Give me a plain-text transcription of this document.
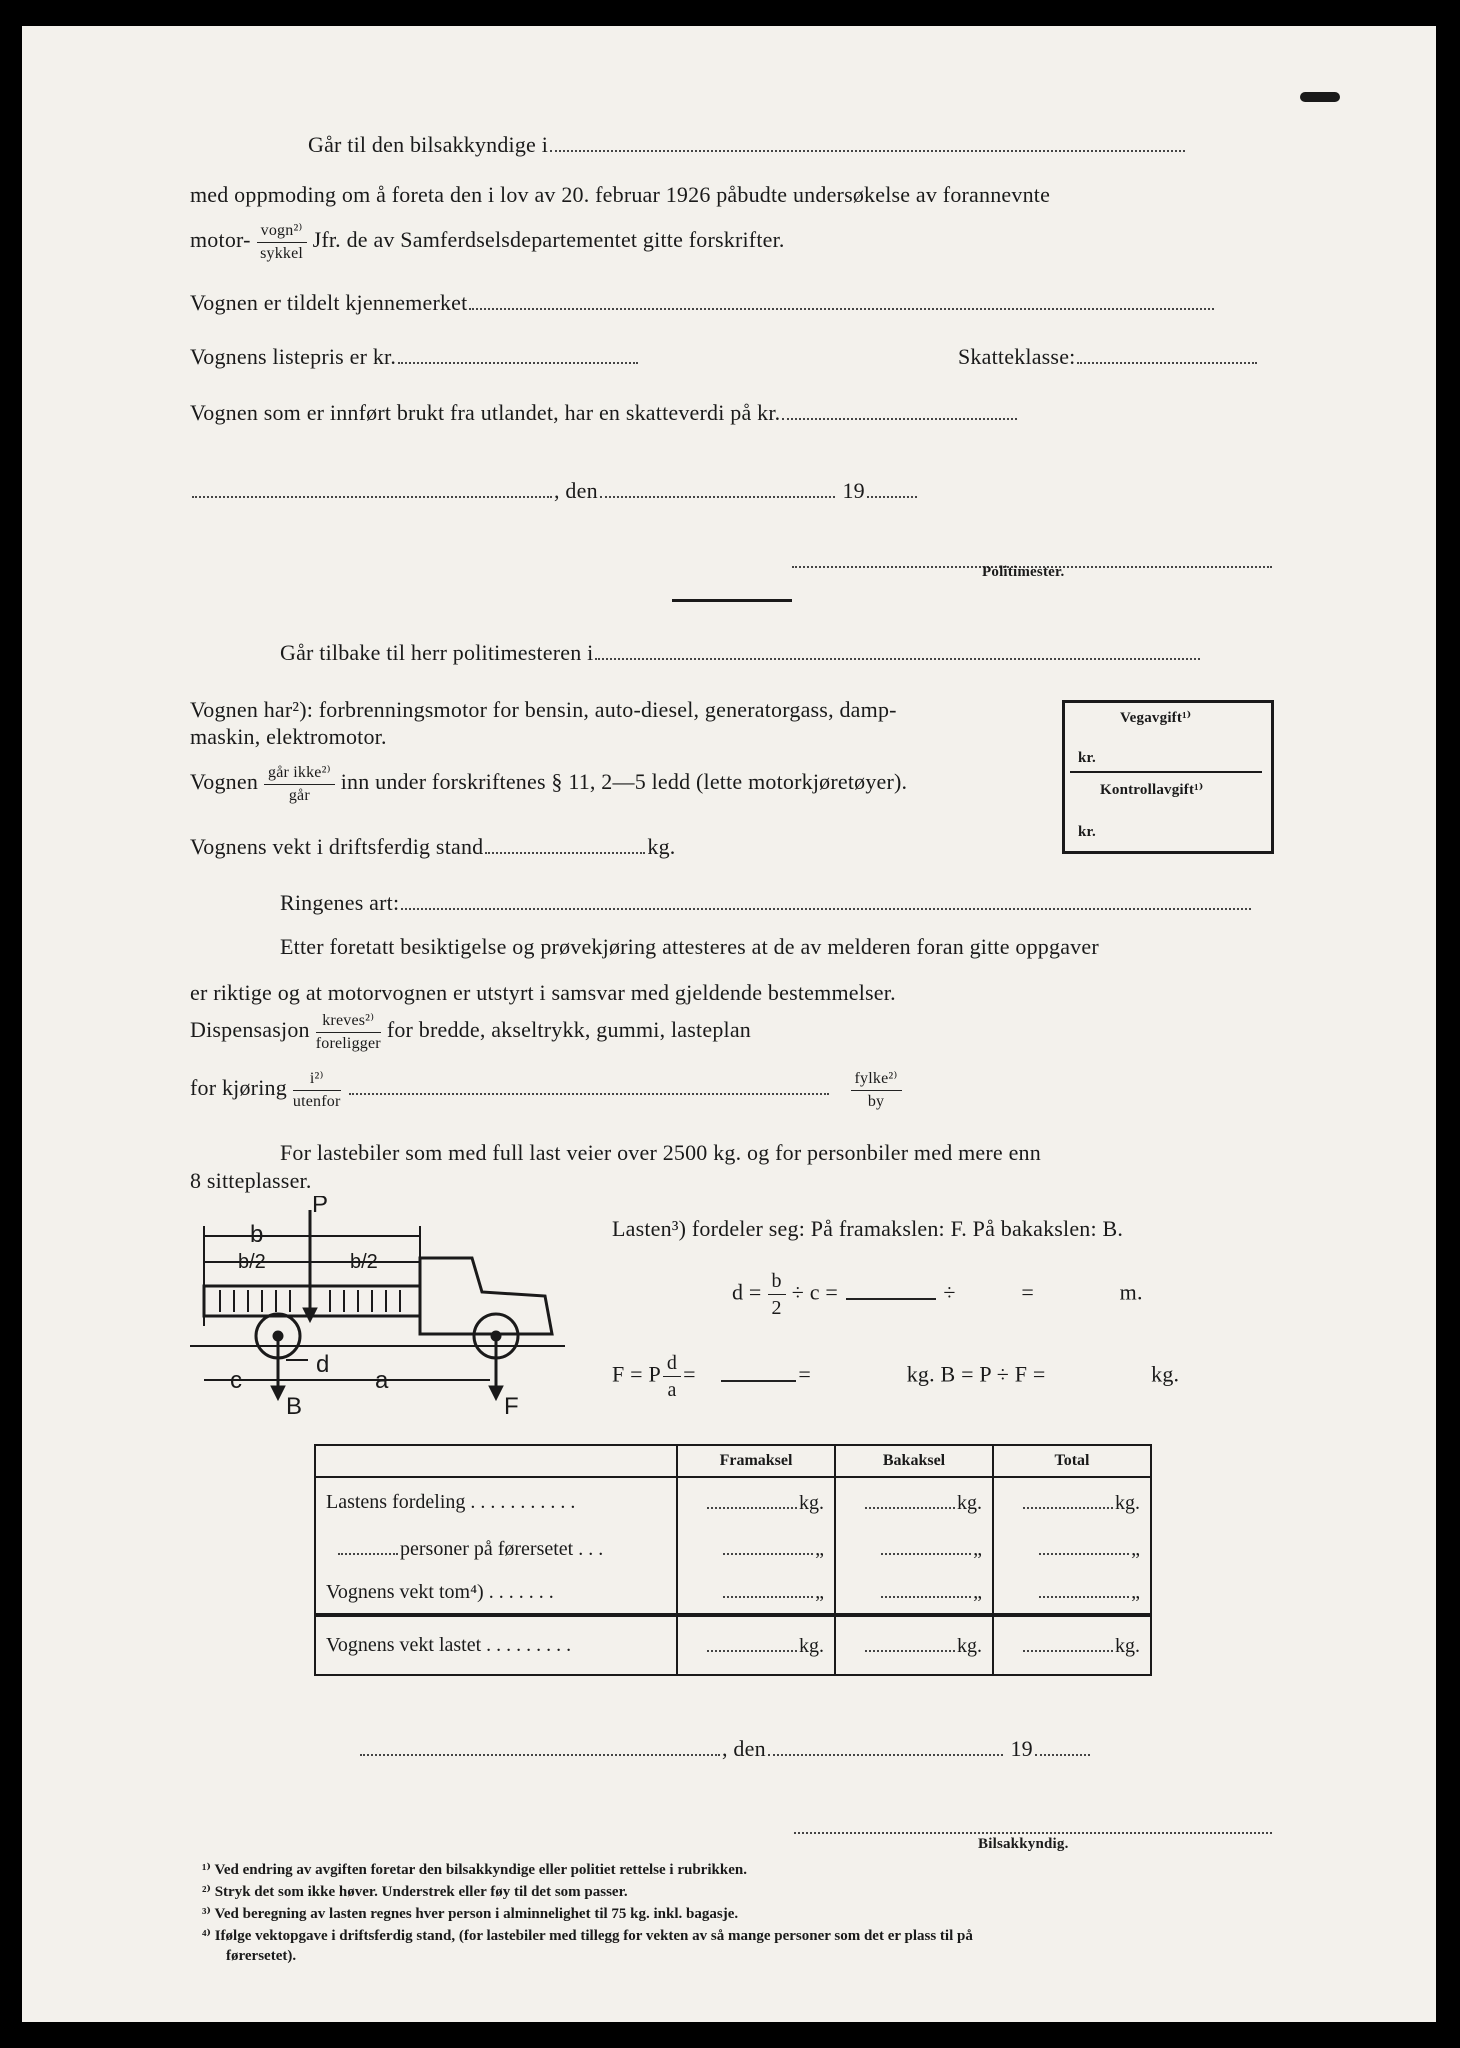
Går til den bilsakkyndige i
med oppmoding om å foreta den i lov av 20. februar 1926 påbudte undersøkelse av forannevnte
motor- $\frac{\text{vogn²⁾}}{\text{sykkel}}$ Jfr. de av Samferdselsdepartementet gitte forskrifter.
Vognen er tildelt kjennemerket
Vognens listepris er kr.	Skatteklasse:
Vognen som er innført brukt fra utlandet, har en skatteverdi på kr.
, den	19
Politimester.
Går tilbake til herr politimesteren i
Vognen har²): forbrenningsmotor for bensin, auto-diesel, generatorgass, damp-
maskin, elektromotor.
Vognen $\frac{\text{går ikke²⁾}}{\text{går}}$ inn under forskriftenes § 11, 2—5 ledd (lette motorkjøretøyer).
Vognens vekt i driftsferdig stand	kg.
Vegavgift¹⁾
kr.
Kontrollavgift¹⁾
kr.
Ringenes art:
Etter foretatt besiktigelse og prøvekjøring attesteres at de av melderen foran gitte oppgaver
er riktige og at motorvognen er utstyrt i samsvar med gjeldende bestemmelser.
Dispensasjon $\frac{\text{kreves²⁾}}{\text{foreligger}}$ for bredde, akseltrykk, gummi, lasteplan
for kjøring $\frac{\text{i²⁾}}{\text{utenfor}}$	$\frac{\text{fylke²⁾}}{by}$
For lastebiler som med full last veier over 2500 kg. og for personbiler med mere enn
8 sitteplasser.
P
b
b/2	b/2
B	F
c	a
d
Lasten³) fordeler seg: På framakslen: F. På bakakslen: B.
$d = \frac{b}{2} \div c$ =	÷	=	m.
F = P $\frac{d}{a}$ =	=	kg. B = P ÷ F =	kg.
	Framaksel	Bakaksel	Total
Lastens fordeling . . . . . . . . . . .	kg.	kg.	kg.
personer på førersetet . . .	„	„	„
Vognens vekt tom⁴) . . . . . . .	„	„	„
Vognens vekt lastet . . . . . . . . .	kg.	kg.	kg.
, den	19
Bilsakkyndig.
¹⁾ Ved endring av avgiften foretar den bilsakkyndige eller politiet rettelse i rubrikken.
²⁾ Stryk det som ikke høver. Understrek eller føy til det som passer.
³⁾ Ved beregning av lasten regnes hver person i alminnelighet til 75 kg. inkl. bagasje.
⁴⁾ Ifølge vektopgave i driftsferdig stand, (for lastebiler med tillegg for vekten av så mange personer som det er plass til på
førersetet).
